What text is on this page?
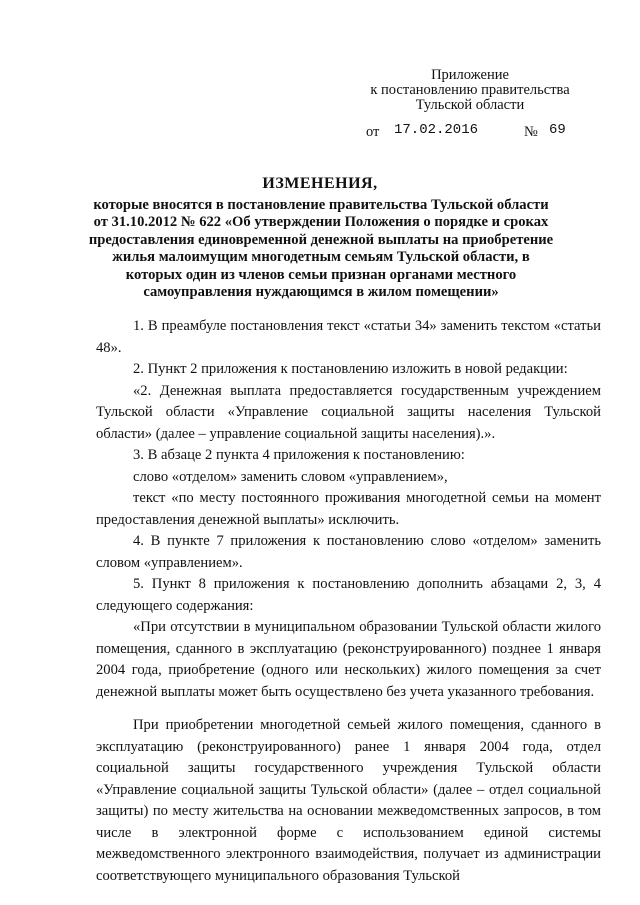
Приложение
к постановлению правительства
Тульской области
от 17.02.2016	№ 69
ИЗМЕНЕНИЯ,
которые вносятся в постановление правительства Тульской области от 31.10.2012 № 622 «Об утверждении Положения о порядке и сроках предоставления единовременной денежной выплаты на приобретение жилья малоимущим многодетным семьям Тульской области, в которых один из членов семьи признан органами местного самоуправления нуждающимся в жилом помещении»

1. В преамбуле постановления текст «статьи 34» заменить текстом «статьи 48».

2. Пункт 2 приложения к постановлению изложить в новой редакции:

«2. Денежная выплата предоставляется государственным учреждением Тульской области «Управление социальной защиты населения Тульской области» (далее – управление социальной защиты населения).».

3. В абзаце 2 пункта 4 приложения к постановлению:

слово «отделом» заменить словом «управлением»,

текст «по месту постоянного проживания многодетной семьи на момент предоставления денежной выплаты» исключить.

4. В пункте 7 приложения к постановлению слово «отделом» заменить словом «управлением».

5. Пункт 8 приложения к постановлению дополнить абзацами 2, 3, 4 следующего содержания:

«При отсутствии в муниципальном образовании Тульской области жилого помещения, сданного в эксплуатацию (реконструированного) позднее 1 января 2004 года, приобретение (одного или нескольких) жилого помещения за счет денежной выплаты может быть осуществлено без учета указанного требования.

При приобретении многодетной семьей жилого помещения, сданного в эксплуатацию (реконструированного) ранее 1 января 2004 года, отдел социальной защиты государственного учреждения Тульской области «Управление социальной защиты Тульской области» (далее – отдел социальной защиты) по месту жительства на основании межведомственных запросов, в том числе в электронной форме с использованием единой системы межведомственного электронного взаимодействия, получает из администрации соответствующего муниципального образования Тульской
